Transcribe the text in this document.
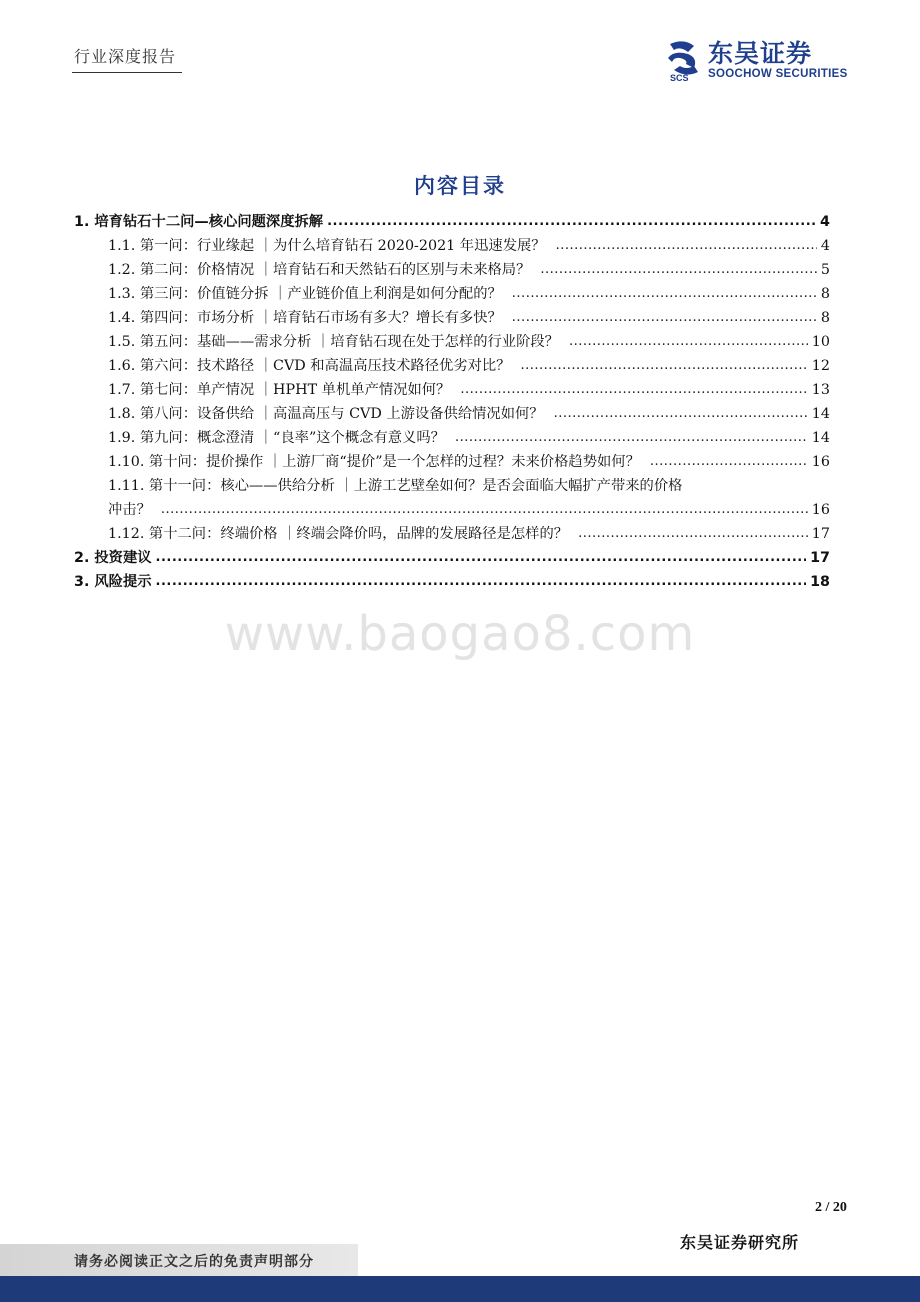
行业深度报告
SCS
东吴证券
SOOCHOW SECURITIES
内容目录
1. 培育钻石十二问—核心问题深度拆解 .....	4
1.1. 第一问：行业缘起 ｜为什么培育钻石 2020-2021 年迅速发展？ .....	4
1.2. 第二问：价格情况 ｜培育钻石和天然钻石的区别与未来格局？ .....	5
1.3. 第三问：价值链分拆 ｜产业链价值上利润是如何分配的？ .....	8
1.4. 第四问：市场分析 ｜培育钻石市场有多大？增长有多快？ .....	8
1.5. 第五问：基础——需求分析 ｜培育钻石现在处于怎样的行业阶段？ .....	10
1.6. 第六问：技术路径 ｜CVD 和高温高压技术路径优劣对比？ .....	12
1.7. 第七问：单产情况 ｜HPHT 单机单产情况如何？ .....	13
1.8. 第八问：设备供给 ｜高温高压与 CVD 上游设备供给情况如何？ .....	14
1.9. 第九问：概念澄清 ｜“良率”这个概念有意义吗？ .....	14
1.10. 第十问：提价操作 ｜上游厂商“提价”是一个怎样的过程？未来价格趋势如何？ .....	16
1.11. 第十一问：核心——供给分析 ｜上游工艺壁垒如何？是否会面临大幅扩产带来的价格
冲击？ .....	16
1.12. 第十二问：终端价格 ｜终端会降价吗，品牌的发展路径是怎样的？ .....	17
2. 投资建议 .....	17
3. 风险提示 .....	18
www.baogao8.com
2 / 20
东吴证券研究所
请务必阅读正文之后的免责声明部分
